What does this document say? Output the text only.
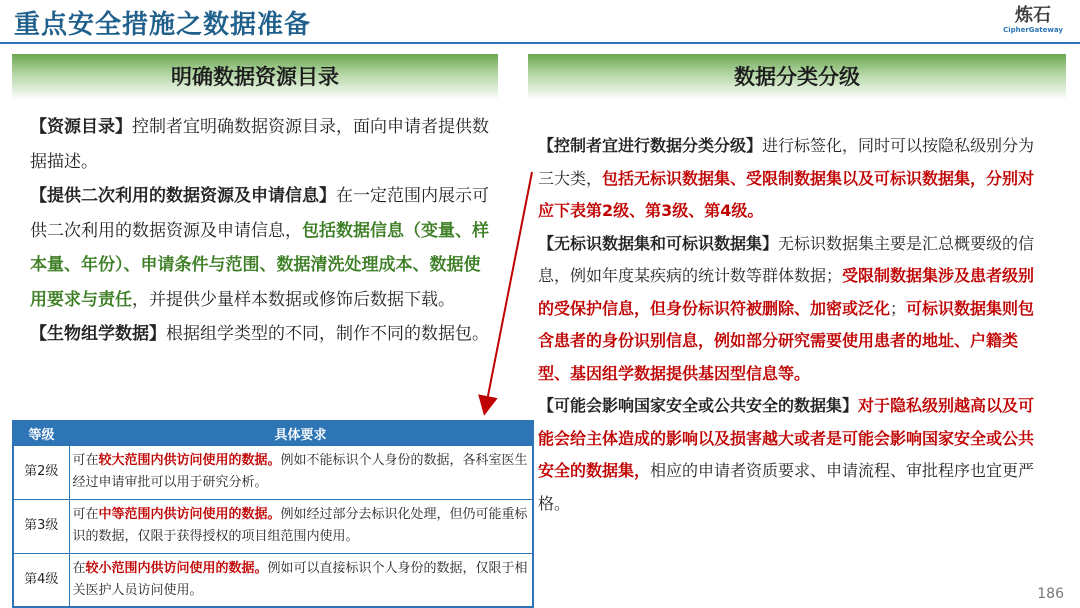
重点安全措施之数据准备	炼石
CipherGateway
明确数据资源目录	数据分类分级

【资源目录】控制者宜明确数据资源目录，面向申请者提供数据描述。

【提供二次利用的数据资源及申请信息】在一定范围内展示可供二次利用的数据资源及申请信息，包括数据信息（变量、样本量、年份）、申请条件与范围、数据清洗处理成本、数据使用要求与责任，并提供少量样本数据或修饰后数据下载。

【生物组学数据】根据组学类型的不同，制作不同的数据包。

等级	具体要求
第2级	可在较大范围内供访问使用的数据。例如不能标识个人身份的数据，各科室医生经过申请审批可以用于研究分析。
第3级	可在中等范围内供访问使用的数据。例如经过部分去标识化处理，但仍可能重标识的数据，仅限于获得授权的项目组范围内使用。
第4级	在较小范围内供访问使用的数据。例如可以直接标识个人身份的数据，仅限于相关医护人员访问使用。

【控制者宜进行数据分类分级】进行标签化，同时可以按隐私级别分为三大类，包括无标识数据集、受限制数据集以及可标识数据集，分别对应下表第2级、第3级、第4级。

【无标识数据集和可标识数据集】无标识数据集主要是汇总概要级的信息，例如年度某疾病的统计数等群体数据；受限制数据集涉及患者级别的受保护信息，但身份标识符被删除、加密或泛化；可标识数据集则包含患者的身份识别信息，例如部分研究需要使用患者的地址、户籍类型、基因组学数据提供基因型信息等。

【可能会影响国家安全或公共安全的数据集】对于隐私级别越高以及可能会给主体造成的影响以及损害越大或者是可能会影响国家安全或公共安全的数据集，相应的申请者资质要求、申请流程、审批程序也宜更严格。

186
